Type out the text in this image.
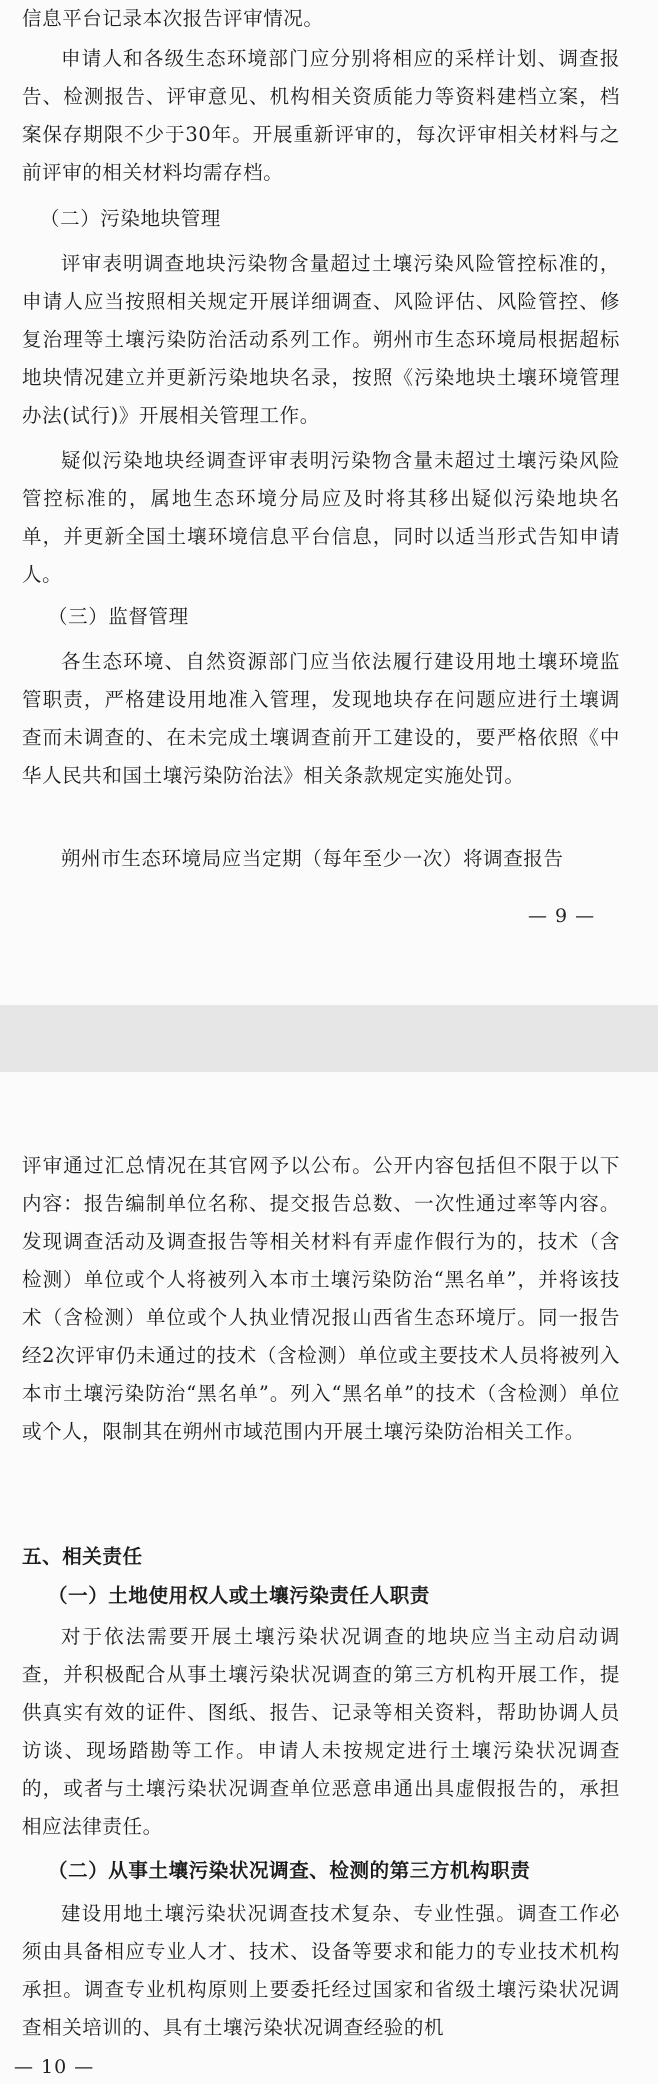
信息平台记录本次报告评审情况。

申请人和各级生态环境部门应分别将相应的采样计划、调查报告、检测报告、评审意见、机构相关资质能力等资料建档立案，档案保存期限不少于30年。开展重新评审的，每次评审相关材料与之前评审的相关材料均需存档。

（二）污染地块管理

评审表明调查地块污染物含量超过土壤污染风险管控标准的，申请人应当按照相关规定开展详细调查、风险评估、风险管控、修复治理等土壤污染防治活动系列工作。朔州市生态环境局根据超标地块情况建立并更新污染地块名录，按照《污染地块土壤环境管理办法(试行)》开展相关管理工作。

疑似污染地块经调查评审表明污染物含量未超过土壤污染风险管控标准的，属地生态环境分局应及时将其移出疑似污染地块名单，并更新全国土壤环境信息平台信息，同时以适当形式告知申请人。

（三）监督管理

各生态环境、自然资源部门应当依法履行建设用地土壤环境监管职责，严格建设用地准入管理，发现地块存在问题应进行土壤调查而未调查的、在未完成土壤调查前开工建设的，要严格依照《中华人民共和国土壤污染防治法》相关条款规定实施处罚。

朔州市生态环境局应当定期（每年至少一次）将调查报告

— 9 —

评审通过汇总情况在其官网予以公布。公开内容包括但不限于以下内容：报告编制单位名称、提交报告总数、一次性通过率等内容。发现调查活动及调查报告等相关材料有弄虚作假行为的，技术（含检测）单位或个人将被列入本市土壤污染防治“黑名单”，并将该技术（含检测）单位或个人执业情况报山西省生态环境厅。同一报告经2次评审仍未通过的技术（含检测）单位或主要技术人员将被列入本市土壤污染防治“黑名单”。列入“黑名单”的技术（含检测）单位或个人，限制其在朔州市域范围内开展土壤污染防治相关工作。

五、相关责任

（一）土地使用权人或土壤污染责任人职责

对于依法需要开展土壤污染状况调查的地块应当主动启动调查，并积极配合从事土壤污染状况调查的第三方机构开展工作，提供真实有效的证件、图纸、报告、记录等相关资料，帮助协调人员访谈、现场踏勘等工作。申请人未按规定进行土壤污染状况调查的，或者与土壤污染状况调查单位恶意串通出具虚假报告的，承担相应法律责任。

（二）从事土壤污染状况调查、检测的第三方机构职责

建设用地土壤污染状况调查技术复杂、专业性强。调查工作必须由具备相应专业人才、技术、设备等要求和能力的专业技术机构承担。调查专业机构原则上要委托经过国家和省级土壤污染状况调查相关培训的、具有土壤污染状况调查经验的机

— 10 —
